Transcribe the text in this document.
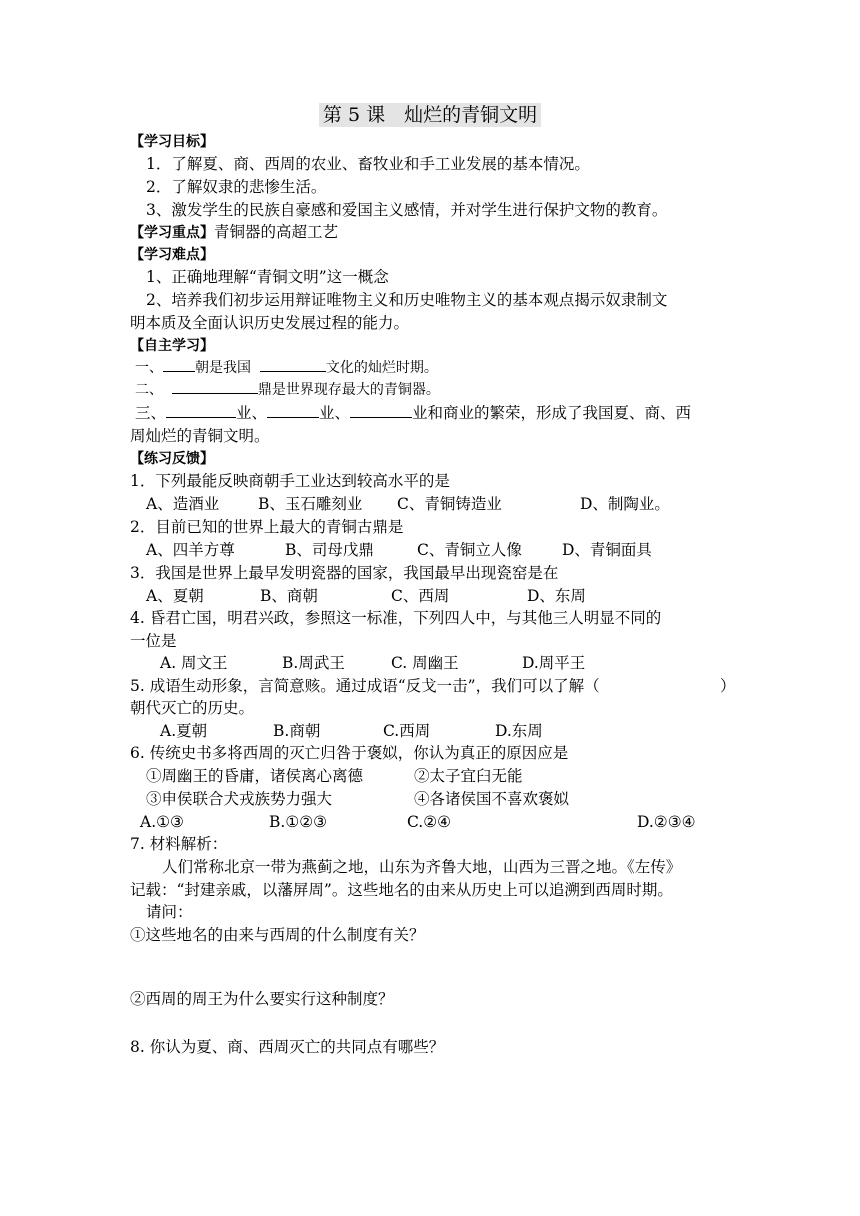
第 5 课　灿烂的青铜文明
【学习目标】
1．了解夏、商、西周的农业、畜牧业和手工业发展的基本情况。
2．了解奴隶的悲惨生活。
3、激发学生的民族自豪感和爱国主义感情，并对学生进行保护文物的教育。
【学习重点】青铜器的高超工艺
【学习难点】
1、正确地理解“青铜文明”这一概念
2、培养我们初步运用辩证唯物主义和历史唯物主义的基本观点揭示奴隶制文
明本质及全面认识历史发展过程的能力。
【自主学习】
一、 朝是我国	文化的灿烂时期。
二、	鼎是世界现存最大的青铜器。
三、	业、	业、	业和商业的繁荣，形成了我国夏、商、西
周灿烂的青铜文明。
【练习反馈】
1．下列最能反映商朝手工业达到较高水平的是
A、造酒业	B、玉石雕刻业 C、青铜铸造业	D、制陶业。
2．目前已知的世界上最大的青铜古鼎是
A、四羊方尊	B、司母戊鼎	C、青铜立人像	D、青铜面具
3．我国是世界上最早发明瓷器的国家，我国最早出现瓷窑是在
A、夏朝	B、商朝	C、西周	D、东周
4. 昏君亡国，明君兴政，参照这一标准，下列四人中，与其他三人明显不同的
一位是
A. 周文王	B.周武王	C. 周幽王	D.周平王
5. 成语生动形象，言简意赅。通过成语“反戈一击”，我们可以了解（	）
朝代灭亡的历史。
A.夏朝	B.商朝	C.西周	D.东周
6. 传统史书多将西周的灭亡归咎于褒姒，你认为真正的原因应是
①周幽王的昏庸，诸侯离心离德	②太子宜臼无能
③申侯联合犬戎族势力强大	④各诸侯国不喜欢褒姒
A.①③	B.①②③	C.②④	D.②③④
7. 材料解析：
人们常称北京一带为燕蓟之地，山东为齐鲁大地，山西为三晋之地。《左传》
记载：“封建亲戚，以藩屏周”。这些地名的由来从历史上可以追溯到西周时期。
请问：
①这些地名的由来与西周的什么制度有关？
②西周的周王为什么要实行这种制度？
8. 你认为夏、商、西周灭亡的共同点有哪些？
